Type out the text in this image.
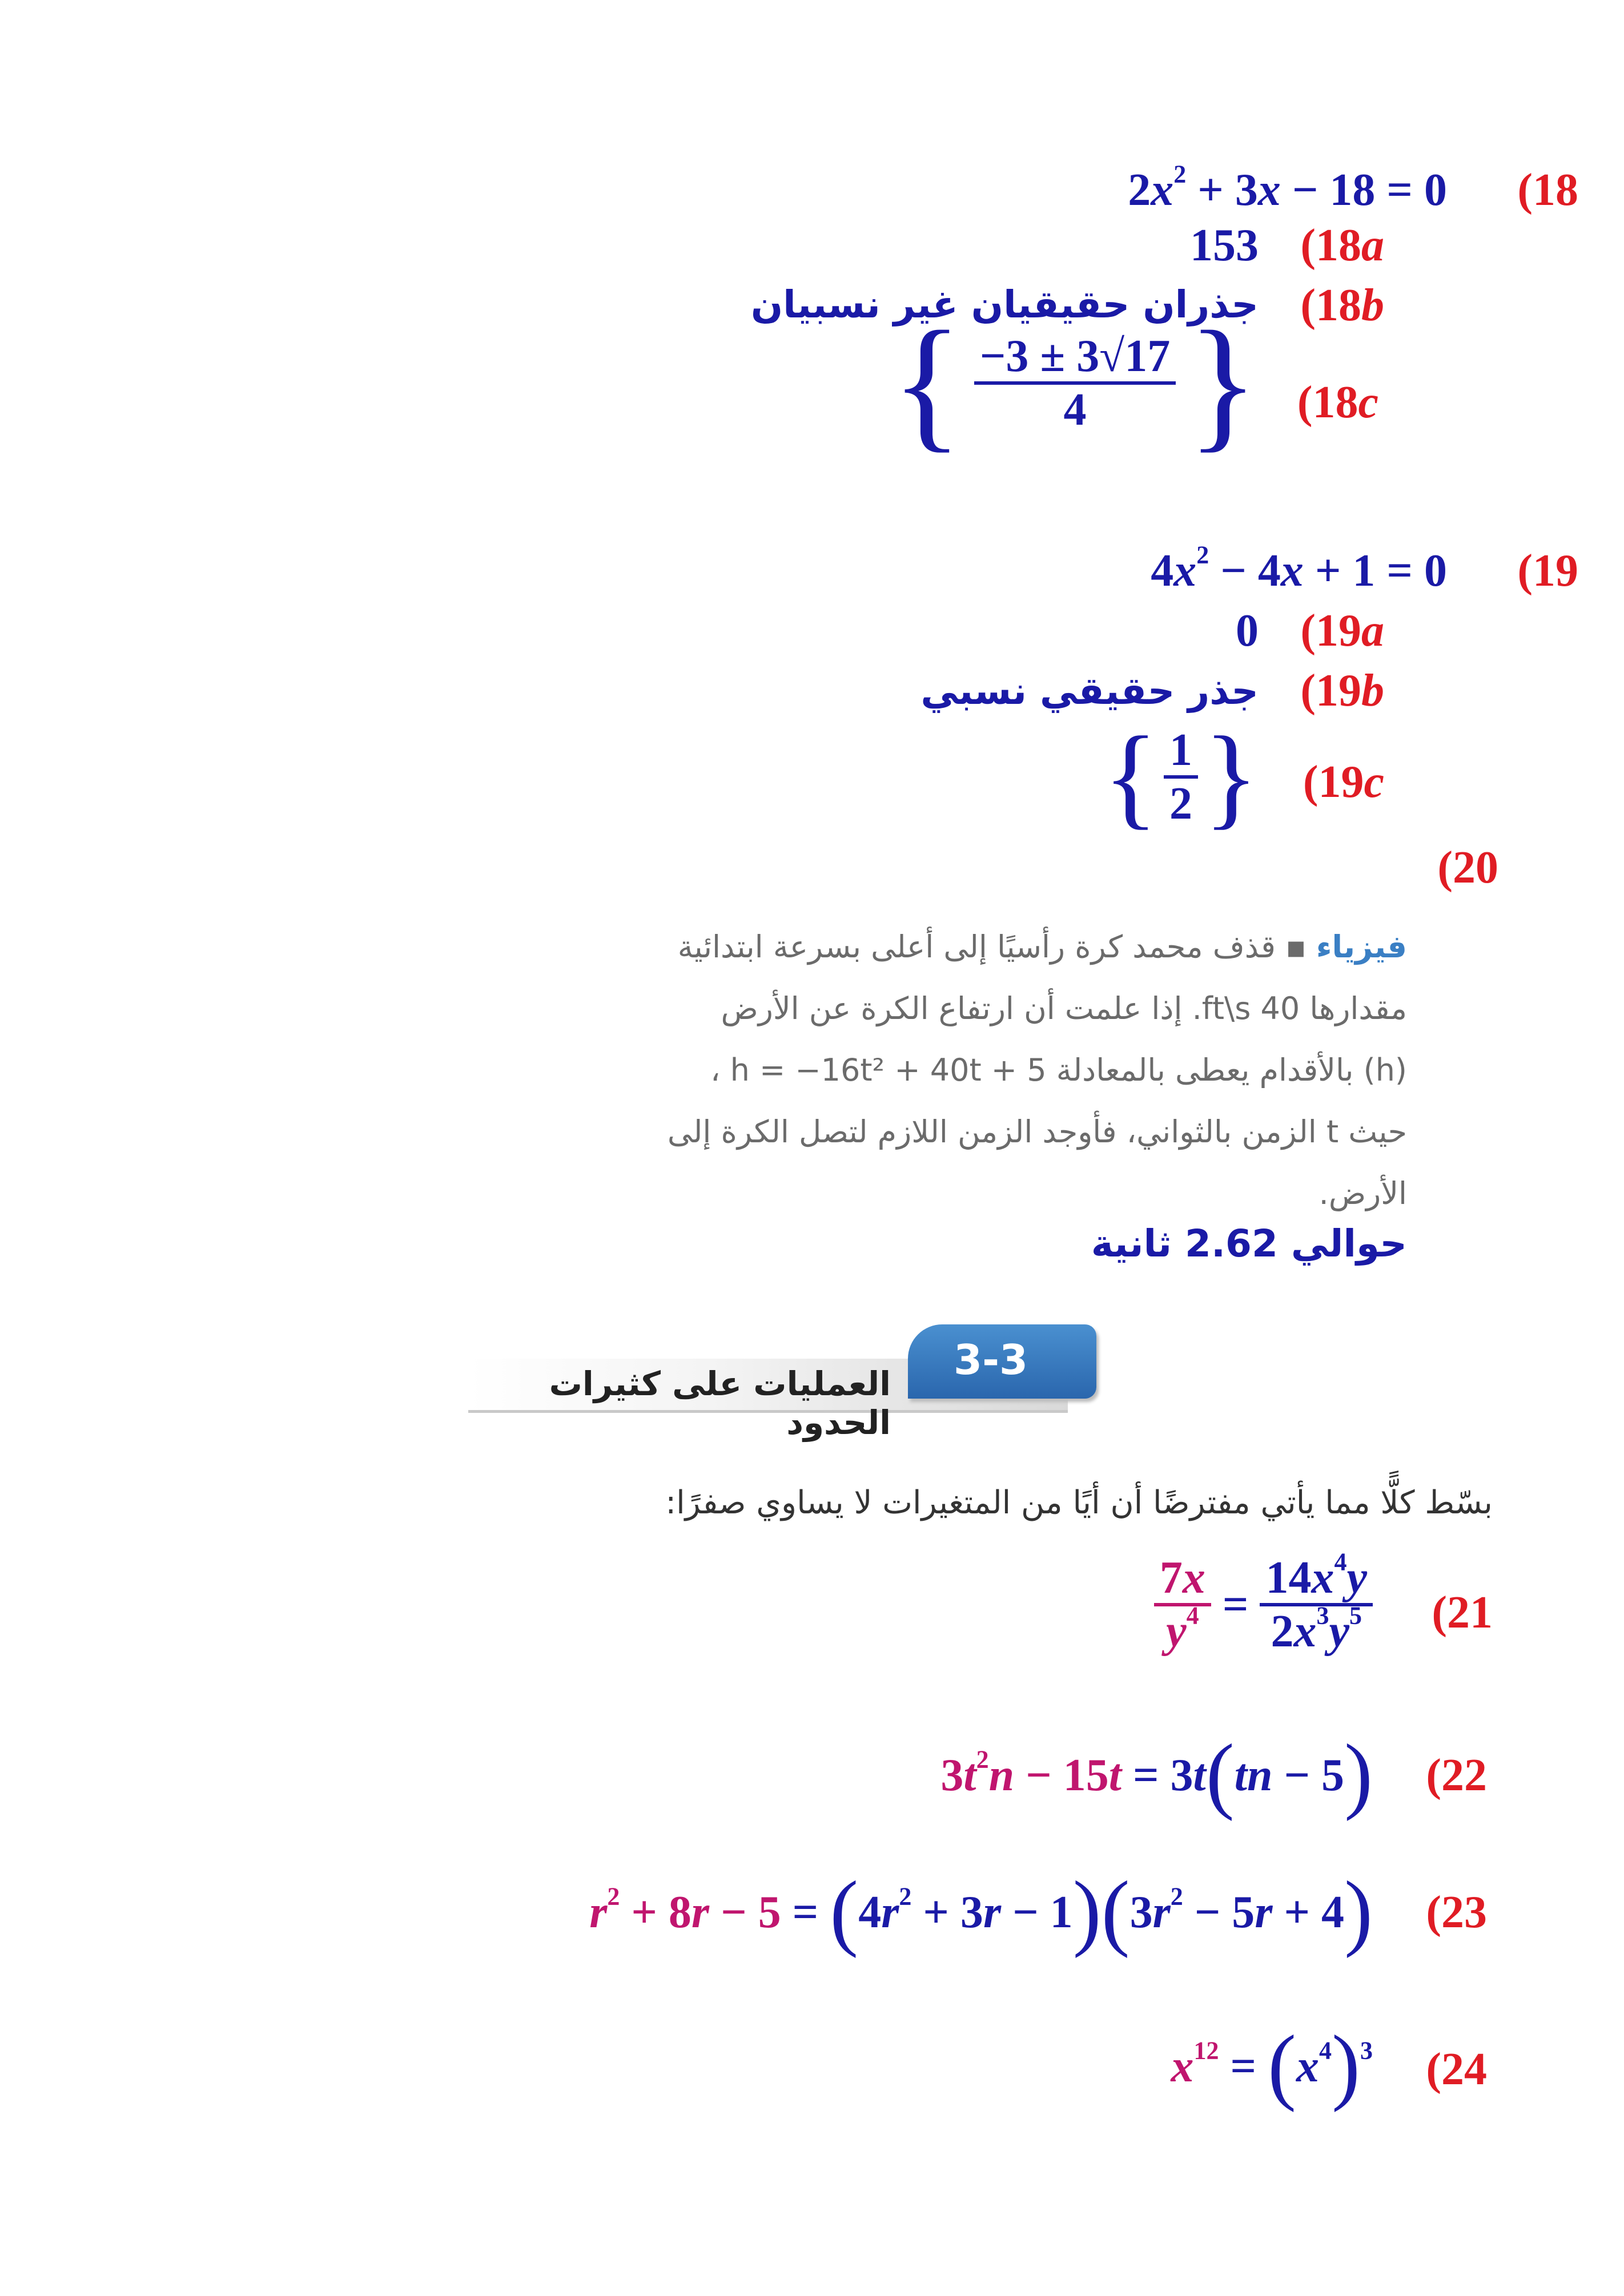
(18
$2x^2 + 3x - 18 = 0$
(18a
153
(18b
جذران حقيقيان غير نسبيان
(18c
{ $\frac{-3 \pm 3√17}{4}$ }
(19
$4x^2 - 4x + 1 = 0$
(19a
0
(19b
جذر حقيقي نسبي
(19c
{ $\frac{1}{2}$ }
(20
فيزياء ▪ قذف محمد كرة رأسيًا إلى أعلى بسرعة ابتدائية
مقدارها 40 ft\s. إذا علمت أن ارتفاع الكرة عن الأرض
(h) بالأقدام يعطى بالمعادلة h = −16t² + 40t + 5 ،
حيث t الزمن بالثواني، فأوجد الزمن اللازم لتصل الكرة إلى
الأرض.
حوالي 2.62 ثانية
3-3
العمليات على كثيرات الحدود
بسّط كلًّا مما يأتي مفترضًا أن أيًا من المتغيرات لا يساوي صفرًا:
(21
$\frac{7x}{y^4} = \frac{14x^4y}{2x^3y^5}$
(22
$3t^2n - 15t = 3t(tn - 5)$
(23
$r^2 + 8r - 5 = (4r^2 + 3r - 1)(3r^2 - 5r + 4)$
(24
$x^{12} = (x^4)^3$
